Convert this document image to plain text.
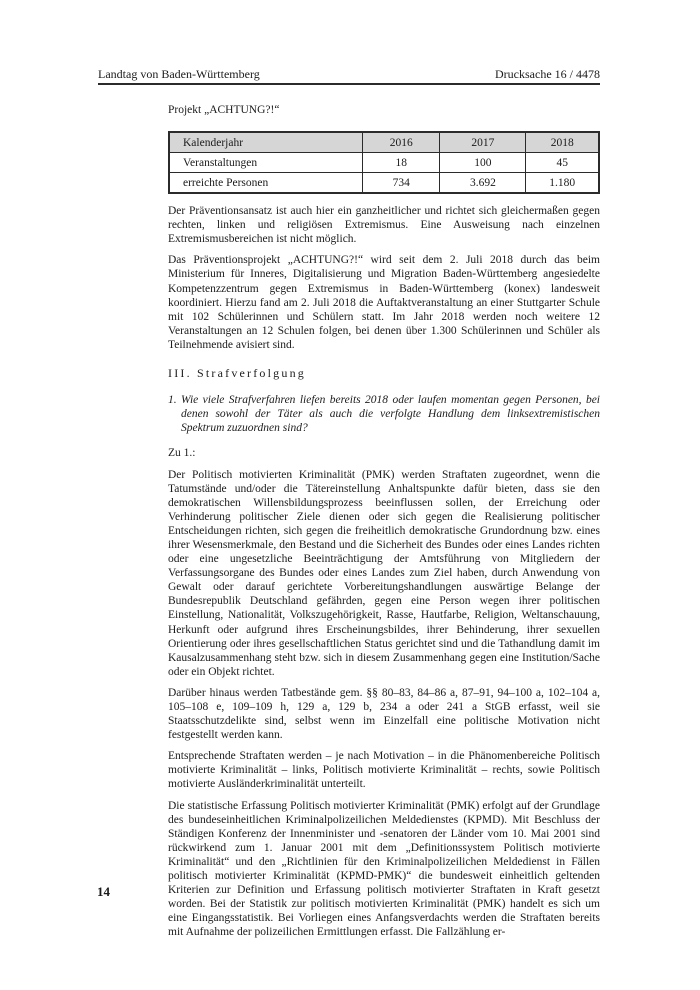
Landtag von Baden-Württemberg	Drucksache 16 / 4478

Projekt „ACHTUNG?!“

Kalenderjahr	2016	2017	2018
Veranstaltungen	18	100	45
erreichte Personen	734	3.692	1.180

Der Präventionsansatz ist auch hier ein ganzheitlicher und richtet sich gleichermaßen gegen rechten, linken und religiösen Extremismus. Eine Ausweisung nach einzelnen Extremismusbereichen ist nicht möglich.

Das Präventionsprojekt „ACHTUNG?!“ wird seit dem 2. Juli 2018 durch das beim Ministerium für Inneres, Digitalisierung und Migration Baden-Württemberg angesiedelte Kompetenzzentrum gegen Extremismus in Baden-Württemberg (konex) landesweit koordiniert. Hierzu fand am 2. Juli 2018 die Auftaktveranstaltung an einer Stuttgarter Schule mit 102 Schülerinnen und Schülern statt. Im Jahr 2018 werden noch weitere 12 Veranstaltungen an 12 Schulen folgen, bei denen über 1.300 Schülerinnen und Schüler als Teilnehmende avisiert sind.

III. Strafverfolgung

1. Wie viele Strafverfahren liefen bereits 2018 oder laufen momentan gegen Personen, bei denen sowohl der Täter als auch die verfolgte Handlung dem linksextremistischen Spektrum zuzuordnen sind?

Zu 1.:

Der Politisch motivierten Kriminalität (PMK) werden Straftaten zugeordnet, wenn die Tatumstände und/oder die Tätereinstellung Anhaltspunkte dafür bieten, dass sie den demokratischen Willensbildungsprozess beeinflussen sollen, der Erreichung oder Verhinderung politischer Ziele dienen oder sich gegen die Realisierung politischer Entscheidungen richten, sich gegen die freiheitlich demokratische Grundordnung bzw. eines ihrer Wesensmerkmale, den Bestand und die Sicherheit des Bundes oder eines Landes richten oder eine ungesetzliche Beeinträchtigung der Amtsführung von Mitgliedern der Verfassungsorgane des Bundes oder eines Landes zum Ziel haben, durch Anwendung von Gewalt oder darauf gerichtete Vorbereitungshandlungen auswärtige Belange der Bundesrepublik Deutschland gefährden, gegen eine Person wegen ihrer politischen Einstellung, Nationalität, Volkszugehörigkeit, Rasse, Hautfarbe, Religion, Weltanschauung, Herkunft oder aufgrund ihres Erscheinungsbildes, ihrer Behinderung, ihrer sexuellen Orientierung oder ihres gesellschaftlichen Status gerichtet sind und die Tathandlung damit im Kausalzusammenhang steht bzw. sich in diesem Zusammenhang gegen eine Institution/Sache oder ein Objekt richtet.

Darüber hinaus werden Tatbestände gem. §§ 80–83, 84–86 a, 87–91, 94–100 a, 102–104 a, 105–108 e, 109–109 h, 129 a, 129 b, 234 a oder 241 a StGB erfasst, weil sie Staatsschutzdelikte sind, selbst wenn im Einzelfall eine politische Motivation nicht festgestellt werden kann.

Entsprechende Straftaten werden – je nach Motivation – in die Phänomenbereiche Politisch motivierte Kriminalität – links, Politisch motivierte Kriminalität – rechts, sowie Politisch motivierte Ausländerkriminalität unterteilt.

Die statistische Erfassung Politisch motivierter Kriminalität (PMK) erfolgt auf der Grundlage des bundeseinheitlichen Kriminalpolizeilichen Meldedienstes (KPMD). Mit Beschluss der Ständigen Konferenz der Innenminister und -senatoren der Länder vom 10. Mai 2001 sind rückwirkend zum 1. Januar 2001 mit dem „Definitionssystem Politisch motivierte Kriminalität“ und den „Richtlinien für den Kriminalpolizeilichen Meldedienst in Fällen politisch motivierter Kriminalität (KPMD-PMK)“ die bundesweit einheitlich geltenden Kriterien zur Definition und Erfassung politisch motivierter Straftaten in Kraft gesetzt worden. Bei der Statistik zur politisch motivierten Kriminalität (PMK) handelt es sich um eine Eingangsstatistik. Bei Vorliegen eines Anfangsverdachts werden die Straftaten bereits mit Aufnahme der polizeilichen Ermittlungen erfasst. Die Fallzählung er-

14
